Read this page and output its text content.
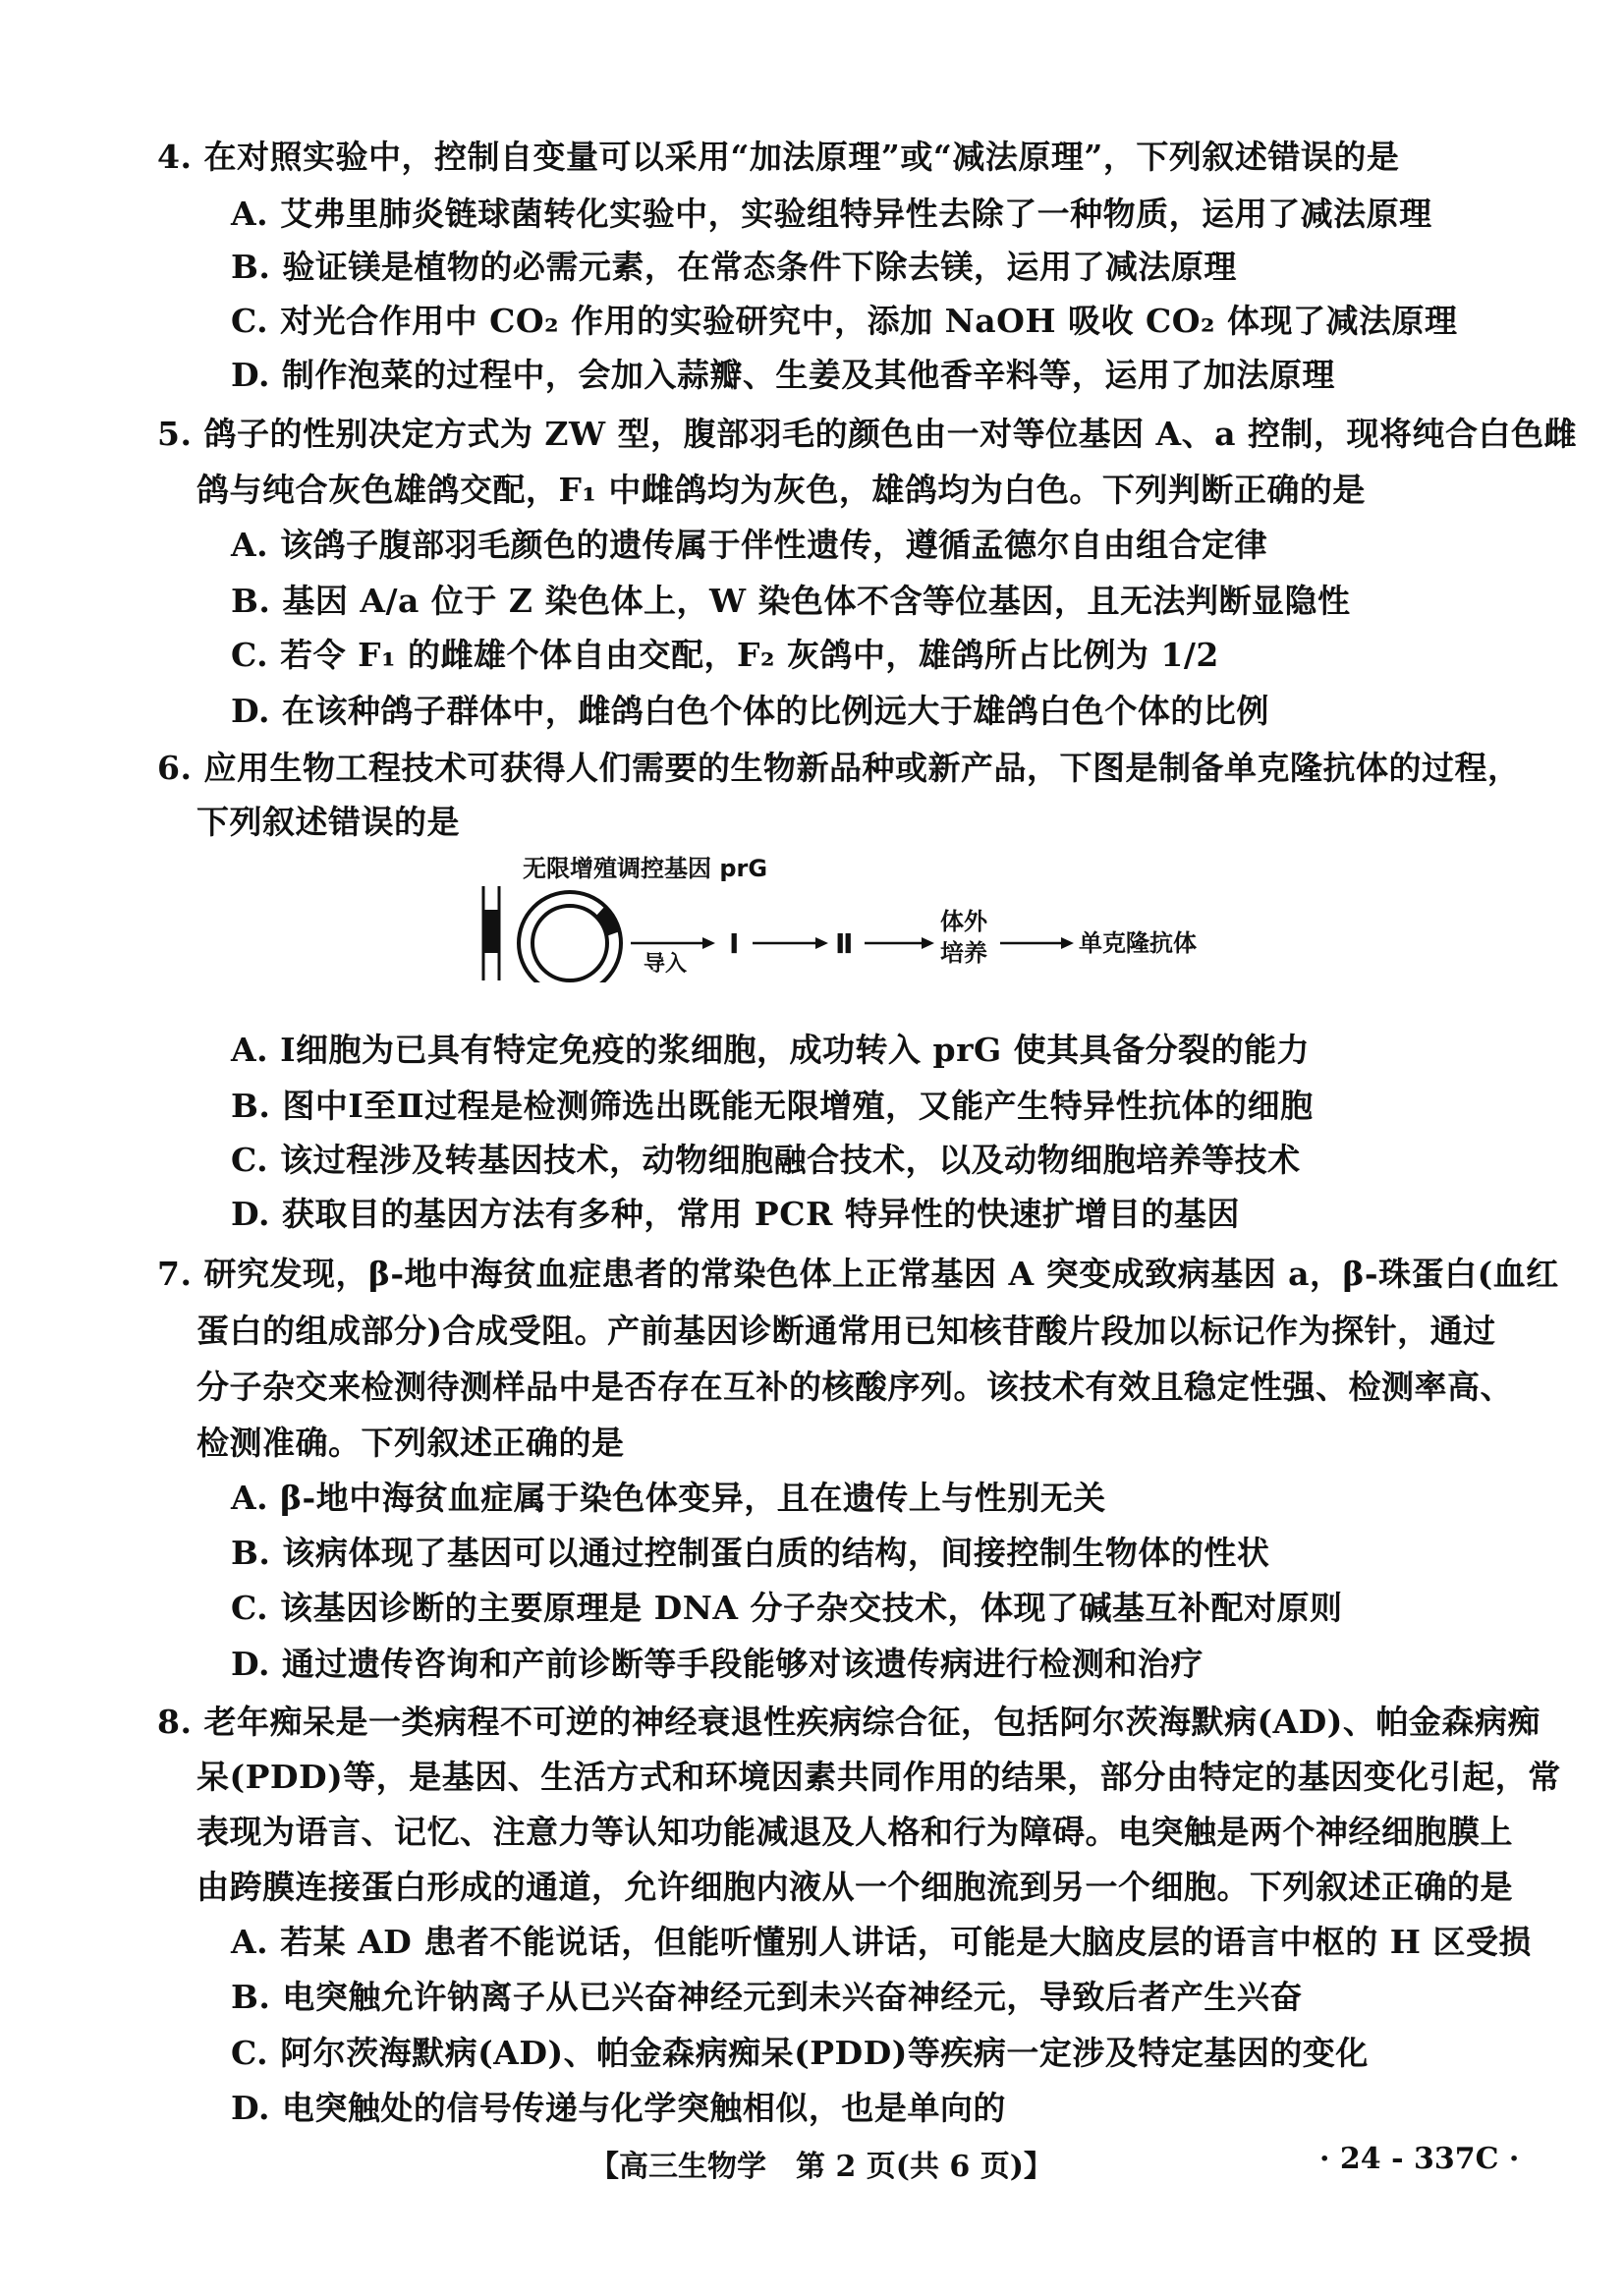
4. 在对照实验中，控制自变量可以采用“加法原理”或“减法原理”，下列叙述错误的是
A. 艾弗里肺炎链球菌转化实验中，实验组特异性去除了一种物质，运用了减法原理
B. 验证镁是植物的必需元素，在常态条件下除去镁，运用了减法原理
C. 对光合作用中 CO₂ 作用的实验研究中，添加 NaOH 吸收 CO₂ 体现了减法原理
D. 制作泡菜的过程中，会加入蒜瓣、生姜及其他香辛料等，运用了加法原理
5. 鸽子的性别决定方式为 ZW 型，腹部羽毛的颜色由一对等位基因 A、a 控制，现将纯合白色雌
鸽与纯合灰色雄鸽交配，F₁ 中雌鸽均为灰色，雄鸽均为白色。下列判断正确的是
A. 该鸽子腹部羽毛颜色的遗传属于伴性遗传，遵循孟德尔自由组合定律
B. 基因 A/a 位于 Z 染色体上，W 染色体不含等位基因，且无法判断显隐性
C. 若令 F₁ 的雌雄个体自由交配，F₂ 灰鸽中，雄鸽所占比例为 1/2
D. 在该种鸽子群体中，雌鸽白色个体的比例远大于雄鸽白色个体的比例
6. 应用生物工程技术可获得人们需要的生物新品种或新产品，下图是制备单克隆抗体的过程，
下列叙述错误的是
无限增殖调控基因 prG
导入
Ⅰ	Ⅱ
体外
培养	单克隆抗体
A. Ⅰ细胞为已具有特定免疫的浆细胞，成功转入 prG 使其具备分裂的能力
B. 图中Ⅰ至Ⅱ过程是检测筛选出既能无限增殖，又能产生特异性抗体的细胞
C. 该过程涉及转基因技术，动物细胞融合技术，以及动物细胞培养等技术
D. 获取目的基因方法有多种，常用 PCR 特异性的快速扩增目的基因
7. 研究发现，β-地中海贫血症患者的常染色体上正常基因 A 突变成致病基因 a，β-珠蛋白(血红
蛋白的组成部分)合成受阻。产前基因诊断通常用已知核苷酸片段加以标记作为探针，通过
分子杂交来检测待测样品中是否存在互补的核酸序列。该技术有效且稳定性强、检测率高、
检测准确。下列叙述正确的是
A. β-地中海贫血症属于染色体变异，且在遗传上与性别无关
B. 该病体现了基因可以通过控制蛋白质的结构，间接控制生物体的性状
C. 该基因诊断的主要原理是 DNA 分子杂交技术，体现了碱基互补配对原则
D. 通过遗传咨询和产前诊断等手段能够对该遗传病进行检测和治疗
8. 老年痴呆是一类病程不可逆的神经衰退性疾病综合征，包括阿尔茨海默病(AD)、帕金森病痴
呆(PDD)等，是基因、生活方式和环境因素共同作用的结果，部分由特定的基因变化引起，常
表现为语言、记忆、注意力等认知功能减退及人格和行为障碍。电突触是两个神经细胞膜上
由跨膜连接蛋白形成的通道，允许细胞内液从一个细胞流到另一个细胞。下列叙述正确的是
A. 若某 AD 患者不能说话，但能听懂别人讲话，可能是大脑皮层的语言中枢的 H 区受损
B. 电突触允许钠离子从已兴奋神经元到未兴奋神经元，导致后者产生兴奋
C. 阿尔茨海默病(AD)、帕金森病痴呆(PDD)等疾病一定涉及特定基因的变化
D. 电突触处的信号传递与化学突触相似，也是单向的
【高三生物学　第 2 页(共 6 页)】	· 24 - 337C ·
